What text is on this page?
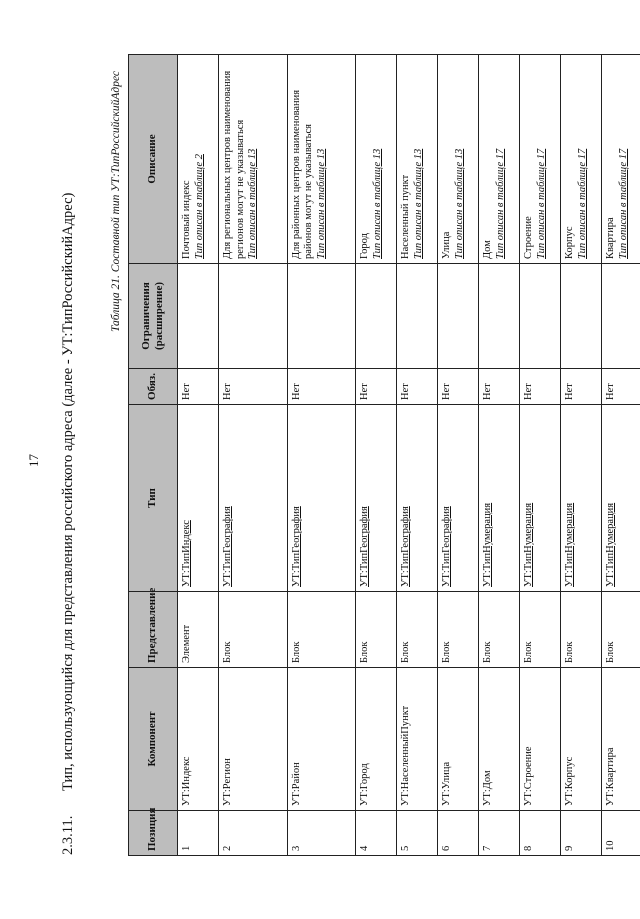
17
2.3.11.Тип, использующийся для представления российского адреса (далее - УТ:ТипРоссийскийАдрес)	Таблица 21. Составной тип УТ:ТипРоссийскийАдрес
Позиция	Компонент	Представление	Тип	Обяз.	Ограничения (расширение)	Описание
1	УТ:Индекс	Элемент	УТ:ТипИндекс	Нет		Почтовый индекс Тип описан в таблице 2

2	УТ:Регион	Блок	УТ:ТипГеография	Нет		Для региональных центров наименования регионов могут не указываться Тип описан в таблице 13

3	УТ:Район	Блок	УТ:ТипГеография	Нет		Для районных центров наименования районов могут не указываться Тип описан в таблице 13

4	УТ:Город	Блок	УТ:ТипГеография	Нет		Город Тип описан в таблице 13

5	УТ:НаселенныйПункт	Блок	УТ:ТипГеография	Нет		Населенный пункт Тип описан в таблице 13

6	УТ:Улица	Блок	УТ:ТипГеография	Нет		Улица Тип описан в таблице 13

7	УТ:Дом	Блок	УТ:ТипНумерация	Нет		Дом Тип описан в таблице 17

8	УТ:Строение	Блок	УТ:ТипНумерация	Нет		Строение Тип описан в таблице 17

9	УТ:Корпус	Блок	УТ:ТипНумерация	Нет		Корпус Тип описан в таблице 17

10	УТ:Квартира	Блок	УТ:ТипНумерация	Нет		Квартира Тип описан в таблице 17
